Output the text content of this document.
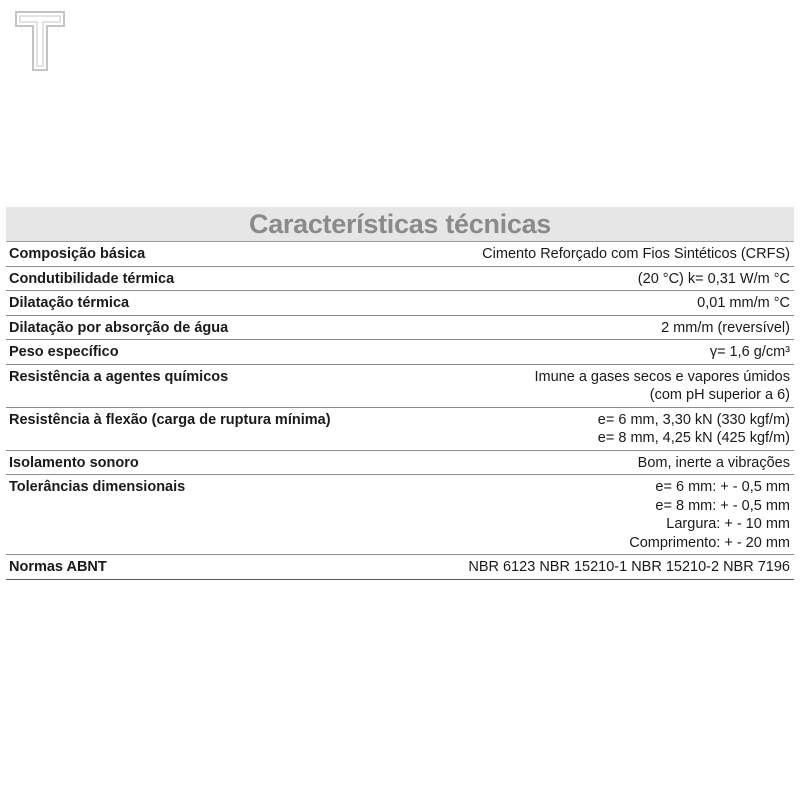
Características técnicas
Composição básica	Cimento Reforçado com Fios Sintéticos (CRFS)
Condutibilidade térmica	(20 °C) k= 0,31 W/m °C
Dilatação térmica	0,01 mm/m °C
Dilatação por absorção de água	2 mm/m (reversível)
Peso específico	γ= 1,6 g/cm³
Resistência a agentes químicos	Imune a gases secos e vapores úmidos
(com pH superior a 6)
Resistência à flexão (carga de ruptura mínima)	e= 6 mm, 3,30 kN (330 kgf/m)
e= 8 mm, 4,25 kN (425 kgf/m)
Isolamento sonoro	Bom, inerte a vibrações
Tolerâncias dimensionais	e= 6 mm: + - 0,5 mm
e= 8 mm: + - 0,5 mm
Largura: + - 10 mm
Comprimento: + - 20 mm
Normas ABNT	NBR 6123 NBR 15210-1 NBR 15210-2 NBR 7196
